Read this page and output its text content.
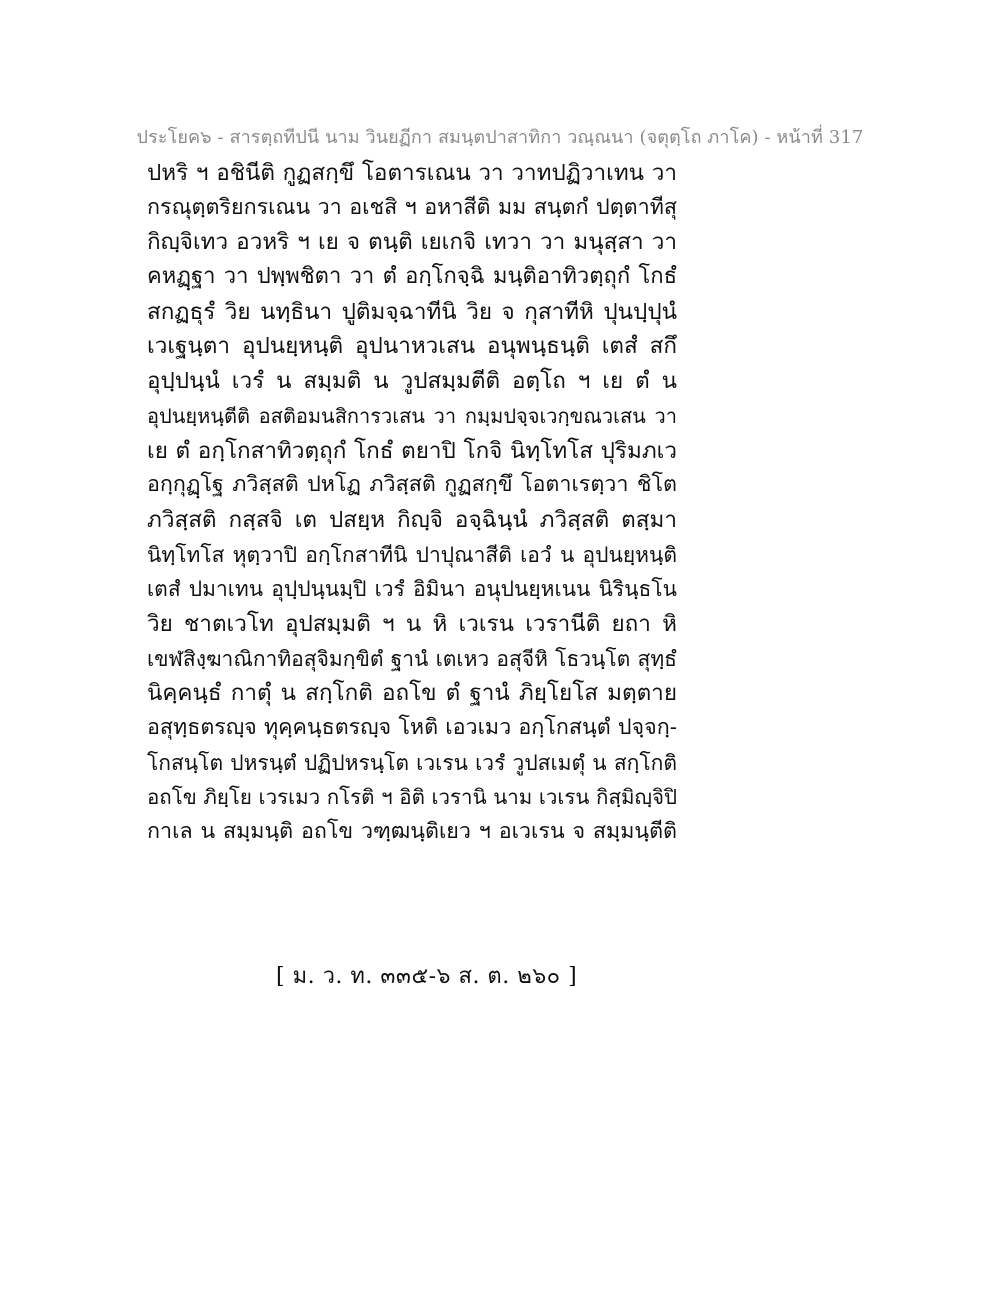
ประโยค๖ - สารตฺถทีปนี นาม วินยฏีกา สมนฺตปาสาทิกา วณฺณนา (จตุตฺโถ ภาโค) - หน้าที่ 317
ปหริ ฯ อชินีติ กูฏสกฺขึ โอตารเณน วา วาทปฏิวาเทน วา
กรณุตฺตริยกรเณน วา อเชสิ ฯ อหาสีติ มม สนฺตกํ ปตฺตาทีสุ
กิญฺจิเทว อวหริ ฯ เย จ ตนฺติ เยเกจิ เทวา วา มนุสฺสา วา
คหฏฺฐา วา ปพฺพชิตา วา ตํ อกฺโกจฺฉิ มนฺติอาทิวตฺถุกํ โกธํ
สกฏธุรํ วิย นทฺธินา ปูติมจฺฉาทีนิ วิย จ กุสาทีหิ ปุนปฺปุนํ
เวเฐนฺตา อุปนยฺหนฺติ อุปนาหวเสน อนุพนฺธนฺติ เตสํ สกึ
อุปฺปนฺนํ เวรํ น สมฺมติ น วูปสมฺมตีติ อตฺโถ ฯ เย ตํ น
อุปนยฺหนฺตีติ อสติอมนสิการวเสน วา กมฺมปจฺจเวกฺขณวเสน วา
เย ตํ อกฺโกสาทิวตฺถุกํ โกธํ ตยาปิ โกจิ นิทฺโทโส ปุริมภเว
อกฺกุฏฺโฐ ภวิสฺสติ ปหโฏ ภวิสฺสติ กูฏสกฺขึ โอตาเรตฺวา ชิโต
ภวิสฺสติ กสฺสจิ เต ปสยฺห กิญฺจิ อจฺฉินฺนํ ภวิสฺสติ ตสฺมา
นิทฺโทโส หุตฺวาปิ อกฺโกสาทีนิ ปาปุณาสีติ เอวํ น อุปนยฺหนฺติ
เตสํ ปมาเทน อุปฺปนฺนมฺปิ เวรํ อิมินา อนุปนยฺหเนน นิรินฺธโน
วิย ชาตเวโท อุปสมฺมติ ฯ น หิ เวเรน เวรานีติ ยถา หิ
เขฬสิงฺฆาณิกาทิอสุจิมกฺขิตํ ฐานํ เตเหว อสุจีหิ โธวนฺโต สุทฺธํ
นิคฺคนฺธํ กาตุํ น สกฺโกติ อถโข ตํ ฐานํ ภิยฺโยโส มตฺตาย
อสุทฺธตรญฺจ ทุคฺคนฺธตรญฺจ โหติ เอวเมว อกฺโกสนฺตํ ปจฺจกฺ-
โกสนฺโต ปหรนฺตํ ปฏิปหรนฺโต เวเรน เวรํ วูปสเมตุํ น สกฺโกติ
อถโข ภิยฺโย เวรเมว กโรติ ฯ อิติ เวรานิ นาม เวเรน กิสฺมิญฺจิปิ
กาเล น สมฺมนฺติ อถโข วฑฺฒนฺติเยว ฯ อเวเรน จ สมฺมนฺตีติ
[ ม. ว. ท. ๓๓๕-๖ ส. ต. ๒๖๐ ]
